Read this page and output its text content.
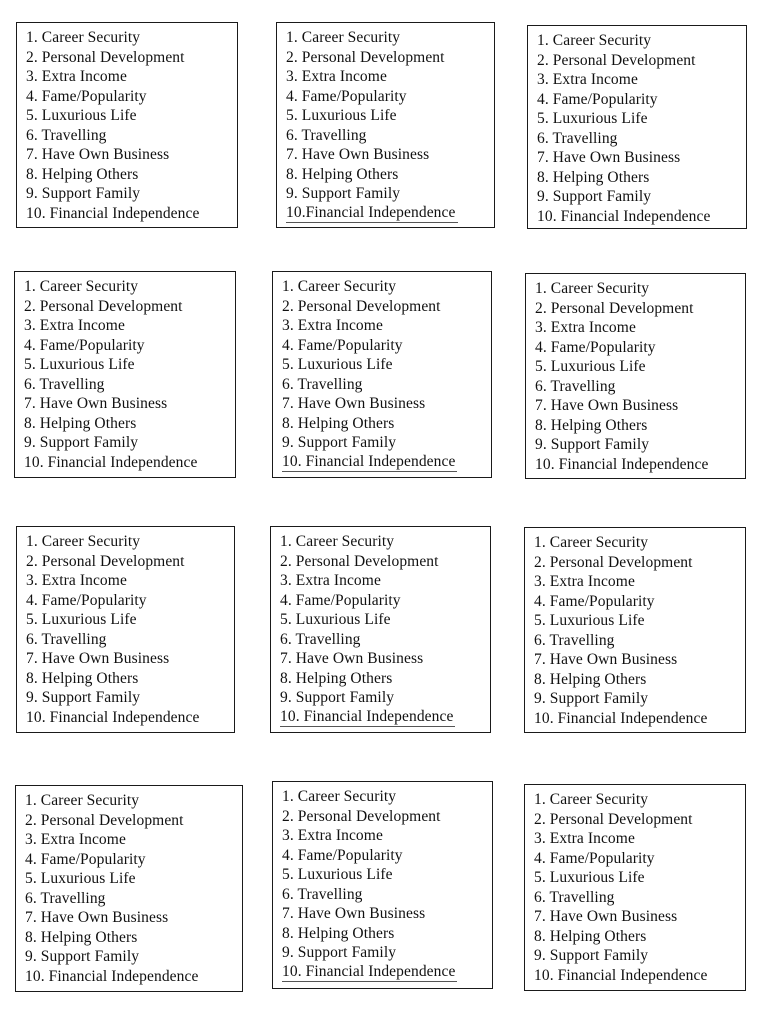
1. Career Security
2. Personal Development
3. Extra Income
4. Fame/Popularity
5. Luxurious Life
6. Travelling
7. Have Own Business
8. Helping Others
9. Support Family
10. Financial Independence
1. Career Security
2. Personal Development
3. Extra Income
4. Fame/Popularity
5. Luxurious Life
6. Travelling
7. Have Own Business
8. Helping Others
9. Support Family
10.Financial Independence
1. Career Security
2. Personal Development
3. Extra Income
4. Fame/Popularity
5. Luxurious Life
6. Travelling
7. Have Own Business
8. Helping Others
9. Support Family
10. Financial Independence
1. Career Security
2. Personal Development
3. Extra Income
4. Fame/Popularity
5. Luxurious Life
6. Travelling
7. Have Own Business
8. Helping Others
9. Support Family
10. Financial Independence
1. Career Security
2. Personal Development
3. Extra Income
4. Fame/Popularity
5. Luxurious Life
6. Travelling
7. Have Own Business
8. Helping Others
9. Support Family
10. Financial Independence
1. Career Security
2. Personal Development
3. Extra Income
4. Fame/Popularity
5. Luxurious Life
6. Travelling
7. Have Own Business
8. Helping Others
9. Support Family
10. Financial Independence
1. Career Security
2. Personal Development
3. Extra Income
4. Fame/Popularity
5. Luxurious Life
6. Travelling
7. Have Own Business
8. Helping Others
9. Support Family
10. Financial Independence
1. Career Security
2. Personal Development
3. Extra Income
4. Fame/Popularity
5. Luxurious Life
6. Travelling
7. Have Own Business
8. Helping Others
9. Support Family
10. Financial Independence
1. Career Security
2. Personal Development
3. Extra Income
4. Fame/Popularity
5. Luxurious Life
6. Travelling
7. Have Own Business
8. Helping Others
9. Support Family
10. Financial Independence
1. Career Security
2. Personal Development
3. Extra Income
4. Fame/Popularity
5. Luxurious Life
6. Travelling
7. Have Own Business
8. Helping Others
9. Support Family
10. Financial Independence
1. Career Security
2. Personal Development
3. Extra Income
4. Fame/Popularity
5. Luxurious Life
6. Travelling
7. Have Own Business
8. Helping Others
9. Support Family
10. Financial Independence
1. Career Security
2. Personal Development
3. Extra Income
4. Fame/Popularity
5. Luxurious Life
6. Travelling
7. Have Own Business
8. Helping Others
9. Support Family
10. Financial Independence
